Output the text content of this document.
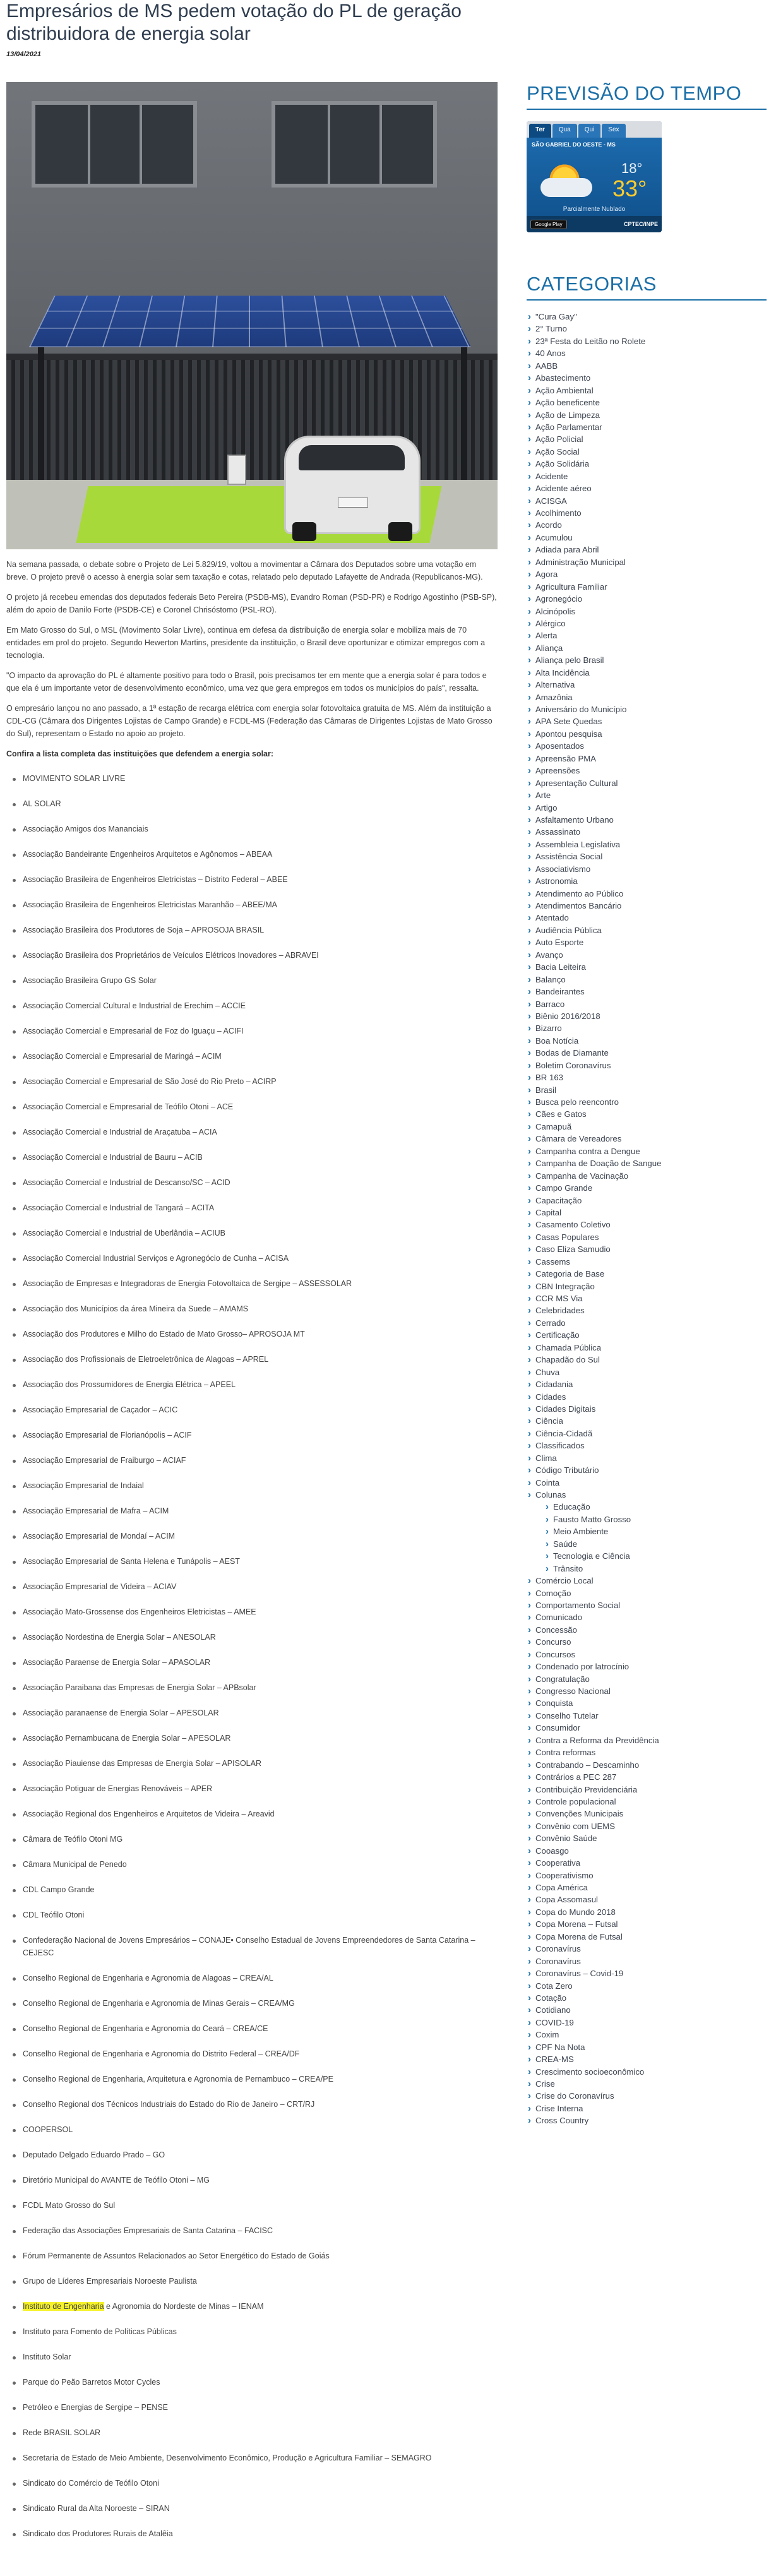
Empresários de MS pedem votação do PL de geração distribuidora de energia solar
13/04/2021

Na semana passada, o debate sobre o Projeto de Lei 5.829/19, voltou a movimentar a Câmara dos Deputados sobre uma votação em breve. O projeto prevê o acesso à energia solar sem taxação e cotas, relatado pelo deputado Lafayette de Andrada (Republicanos-MG).

O projeto já recebeu emendas dos deputados federais Beto Pereira (PSDB-MS), Evandro Roman (PSD-PR) e Rodrigo Agostinho (PSB-SP), além do apoio de Danilo Forte (PSDB-CE) e Coronel Chrisóstomo (PSL-RO).

Em Mato Grosso do Sul, o MSL (Movimento Solar Livre), continua em defesa da distribuição de energia solar e mobiliza mais de 70 entidades em prol do projeto. Segundo Hewerton Martins, presidente da instituição, o Brasil deve oportunizar e otimizar empregos com a tecnologia.

"O impacto da aprovação do PL é altamente positivo para todo o Brasil, pois precisamos ter em mente que a energia solar é para todos e que ela é um importante vetor de desenvolvimento econômico, uma vez que gera empregos em todos os municípios do país", ressalta.

O empresário lançou no ano passado, a 1ª estação de recarga elétrica com energia solar fotovoltaica gratuita de MS. Além da instituição a CDL-CG (Câmara dos Dirigentes Lojistas de Campo Grande) e FCDL-MS (Federação das Câmaras de Dirigentes Lojistas de Mato Grosso do Sul), representam o Estado no apoio ao projeto.

Confira a lista completa das instituições que defendem a energia solar:

MOVIMENTO SOLAR LIVRE
AL SOLAR
Associação Amigos dos Mananciais
Associação Bandeirante Engenheiros Arquitetos e Agônomos – ABEAA
Associação Brasileira de Engenheiros Eletricistas – Distrito Federal – ABEE
Associação Brasileira de Engenheiros Eletricistas Maranhão – ABEE/MA
Associação Brasileira dos Produtores de Soja – APROSOJA BRASIL
Associação Brasileira dos Proprietários de Veículos Elétricos Inovadores – ABRAVEI
Associação Brasileira Grupo GS Solar
Associação Comercial Cultural e Industrial de Erechim – ACCIE
Associação Comercial e Empresarial de Foz do Iguaçu – ACIFI
Associação Comercial e Empresarial de Maringá – ACIM
Associação Comercial e Empresarial de São José do Rio Preto – ACIRP
Associação Comercial e Empresarial de Teófilo Otoni – ACE
Associação Comercial e Industrial de Araçatuba – ACIA
Associação Comercial e Industrial de Bauru – ACIB
Associação Comercial e Industrial de Descanso/SC – ACID
Associação Comercial e Industrial de Tangará – ACITA
Associação Comercial e Industrial de Uberlândia – ACIUB
Associação Comercial Industrial Serviços e Agronegócio de Cunha – ACISA
Associação de Empresas e Integradoras de Energia Fotovoltaica de Sergipe – ASSESSOLAR
Associação dos Municípios da área Mineira da Suede – AMAMS
Associação dos Produtores e Milho do Estado de Mato Grosso– APROSOJA MT
Associação dos Profissionais de Eletroeletrônica de Alagoas – APREL
Associação dos Prossumidores de Energia Elétrica – APEEL
Associação Empresarial de Caçador – ACIC
Associação Empresarial de Florianópolis – ACIF
Associação Empresarial de Fraiburgo – ACIAF
Associação Empresarial de Indaial
Associação Empresarial de Mafra – ACIM
Associação Empresarial de Mondaí – ACIM
Associação Empresarial de Santa Helena e Tunápolis – AEST
Associação Empresarial de Videira – ACIAV
Associação Mato-Grossense dos Engenheiros Eletricistas – AMEE
Associação Nordestina de Energia Solar – ANESOLAR
Associação Paraense de Energia Solar – APASOLAR
Associação Paraibana das Empresas de Energia Solar – APBsolar
Associação paranaense de Energia Solar – APESOLAR
Associação Pernambucana de Energia Solar – APESOLAR
Associação Piauiense das Empresas de Energia Solar – APISOLAR
Associação Potiguar de Energias Renováveis – APER
Associação Regional dos Engenheiros e Arquitetos de Videira – Areavid
Câmara de Teófilo Otoni MG
Câmara Municipal de Penedo
CDL Campo Grande
CDL Teófilo Otoni
Confederação Nacional de Jovens Empresários – CONAJE• Conselho Estadual de Jovens Empreendedores de Santa Catarina – CEJESC
Conselho Regional de Engenharia e Agronomia de Alagoas – CREA/AL
Conselho Regional de Engenharia e Agronomia de Minas Gerais – CREA/MG
Conselho Regional de Engenharia e Agronomia do Ceará – CREA/CE
Conselho Regional de Engenharia e Agronomia do Distrito Federal – CREA/DF
Conselho Regional de Engenharia, Arquitetura e Agronomia de Pernambuco – CREA/PE
Conselho Regional dos Técnicos Industriais do Estado do Rio de Janeiro – CRT/RJ
COOPERSOL
Deputado Delgado Eduardo Prado – GO
Diretório Municipal do AVANTE de Teófilo Otoni – MG
FCDL Mato Grosso do Sul
Federação das Associações Empresariais de Santa Catarina – FACISC
Fórum Permanente de Assuntos Relacionados ao Setor Energético do Estado de Goiás
Grupo de Líderes Empresariais Noroeste Paulista
Instituto de Engenharia e Agronomia do Nordeste de Minas – IENAM
Instituto para Fomento de Políticas Públicas
Instituto Solar
Parque do Peão Barretos Motor Cycles
Petróleo e Energias de Sergipe – PENSE
Rede BRASIL SOLAR
Secretaria de Estado de Meio Ambiente, Desenvolvimento Econômico, Produção e Agricultura Familiar – SEMAGRO
Sindicato do Comércio de Teófilo Otoni
Sindicato Rural da Alta Noroeste – SIRAN
Sindicato dos Produtores Rurais de Atalêia
PREVISÃO DO TEMPO
Ter	Qua	Qui	Sex
SÃO GABRIEL DO OESTE - MS
18°
33°
Parcialmente Nublado
Google Play	CPTEC/INPE
CATEGORIAS
› "Cura Gay"
› 2° Turno
› 23ª Festa do Leitão no Rolete
› 40 Anos
› AABB
› Abastecimento
› Ação Ambiental
› Ação beneficente
› Ação de Limpeza
› Ação Parlamentar
› Ação Policial
› Ação Social
› Ação Solidária
› Acidente
› Acidente aéreo
› ACISGA
› Acolhimento
› Acordo
› Acumulou
› Adiada para Abril
› Administração Municipal
› Agora
› Agricultura Familiar
› Agronegócio
› Alcinópolis
› Alérgico
› Alerta
› Aliança
› Aliança pelo Brasil
› Alta Incidência
› Alternativa
› Amazônia
› Aniversário do Município
› APA Sete Quedas
› Apontou pesquisa
› Aposentados
› Apreensão PMA
› Apreensões
› Apresentação Cultural
› Arte
› Artigo
› Asfaltamento Urbano
› Assassinato
› Assembleia Legislativa
› Assistência Social
› Associativismo
› Astronomia
› Atendimento ao Público
› Atendimentos Bancário
› Atentado
› Audiência Pública
› Auto Esporte
› Avanço
› Bacia Leiteira
› Balanço
› Bandeirantes
› Barraco
› Biênio 2016/2018
› Bizarro
› Boa Notícia
› Bodas de Diamante
› Boletim Coronavírus
› BR 163
› Brasil
› Busca pelo reencontro
› Cães e Gatos
› Camapuã
› Câmara de Vereadores
› Campanha contra a Dengue
› Campanha de Doação de Sangue
› Campanha de Vacinação
› Campo Grande
› Capacitação
› Capital
› Casamento Coletivo
› Casas Populares
› Caso Eliza Samudio
› Cassems
› Categoria de Base
› CBN Integração
› CCR MS Via
› Celebridades
› Cerrado
› Certificação
› Chamada Pública
› Chapadão do Sul
› Chuva
› Cidadania
› Cidades
› Cidades Digitais
› Ciência
› Ciência-Cidadã
› Classificados
› Clima
› Código Tributário
› Cointa
› Colunas
› Educação
› Fausto Matto Grosso
› Meio Ambiente
› Saúde
› Tecnologia e Ciência
› Trânsito
› Comércio Local
› Comoção
› Comportamento Social
› Comunicado
› Concessão
› Concurso
› Concursos
› Condenado por latrocínio
› Congratulação
› Congresso Nacional
› Conquista
› Conselho Tutelar
› Consumidor
› Contra a Reforma da Previdência
› Contra reformas
› Contrabando – Descaminho
› Contrários a PEC 287
› Contribuição Previdenciária
› Controle populacional
› Convenções Municipais
› Convênio com UEMS
› Convênio Saúde
› Cooasgo
› Cooperativa
› Cooperativismo
› Copa América
› Copa Assomasul
› Copa do Mundo 2018
› Copa Morena – Futsal
› Copa Morena de Futsal
› Coronavírus
› Coronavírus
› Coronavírus – Covid-19
› Cota Zero
› Cotação
› Cotidiano
› COVID-19
› Coxim
› CPF Na Nota
› CREA-MS
› Crescimento socioeconômico
› Crise
› Crise do Coronavírus
› Crise Interna
› Cross Country
